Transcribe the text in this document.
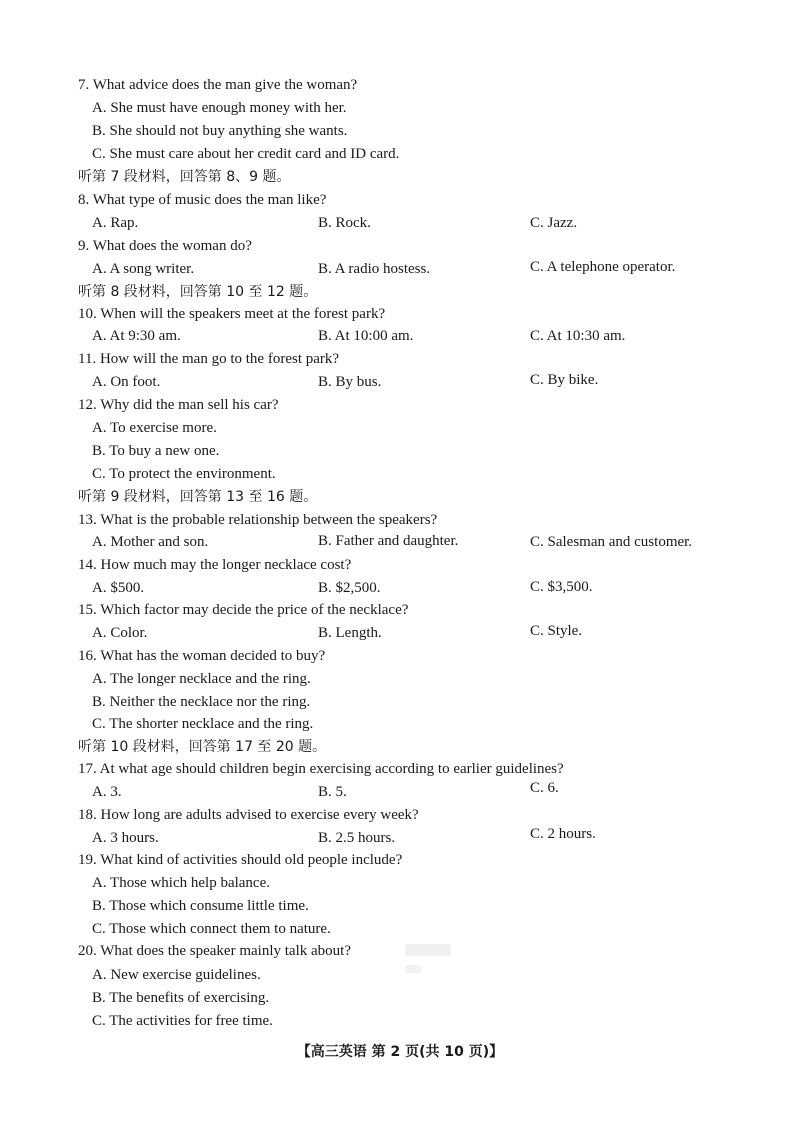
7. What advice does the man give the woman?
A. She must have enough money with her.
B. She should not buy anything she wants.
C. She must care about her credit card and ID card.
听第 7 段材料，回答第 8、9 题。
8. What type of music does the man like?
A. Rap.	B. Rock.	C. Jazz.
9. What does the woman do?
A. A song writer.	B. A radio hostess.	C. A telephone operator.
听第 8 段材料，回答第 10 至 12 题。
10. When will the speakers meet at the forest park?
A. At 9:30 am.	B. At 10:00 am.	C. At 10:30 am.
11. How will the man go to the forest park?
A. On foot.	B. By bus.	C. By bike.
12. Why did the man sell his car?
A. To exercise more.
B. To buy a new one.
C. To protect the environment.
听第 9 段材料，回答第 13 至 16 题。
13. What is the probable relationship between the speakers?
A. Mother and son.	B. Father and daughter.	C. Salesman and customer.
14. How much may the longer necklace cost?
A. $500.	B. $2,500.	C. $3,500.
15. Which factor may decide the price of the necklace?
A. Color.	B. Length.	C. Style.
16. What has the woman decided to buy?
A. The longer necklace and the ring.
B. Neither the necklace nor the ring.
C. The shorter necklace and the ring.
听第 10 段材料，回答第 17 至 20 题。
17. At what age should children begin exercising according to earlier guidelines?
A. 3.	B. 5.	C. 6.
18. How long are adults advised to exercise every week?
A. 3 hours.	B. 2.5 hours.	C. 2 hours.
19. What kind of activities should old people include?
A. Those which help balance.
B. Those which consume little time.
C. Those which connect them to nature.
20. What does the speaker mainly talk about?
A. New exercise guidelines.
B. The benefits of exercising.
C. The activities for free time.
【高三英语 第 2 页(共 10 页)】
